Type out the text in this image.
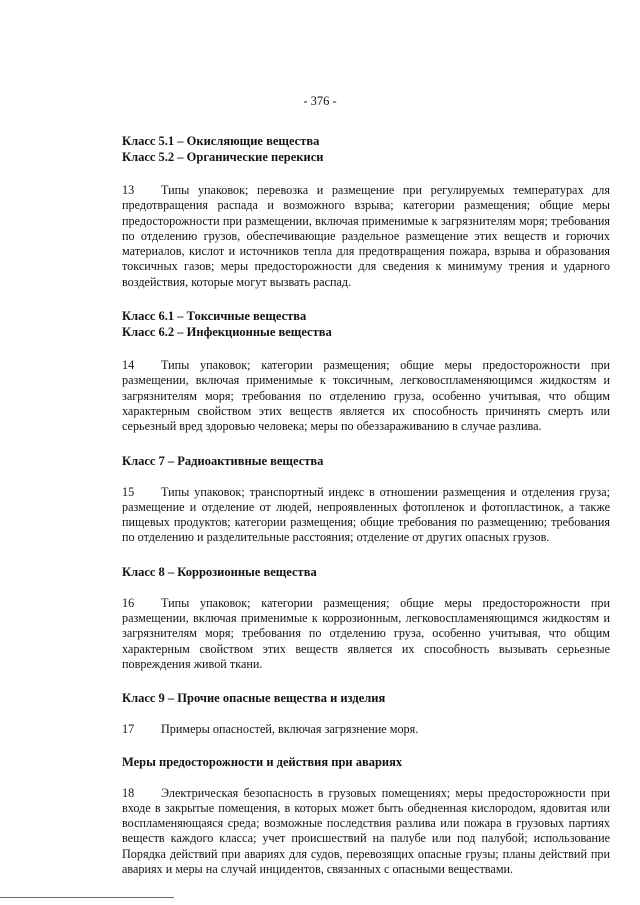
- 376 -
Класс 5.1 – Окисляющие вещества
Класс 5.2 – Органические перекиси

13 Типы упаковок; перевозка и размещение при регулируемых температурах для предотвращения распада и возможного взрыва; категории размещения; общие меры предосторожности при размещении, включая применимые к загрязнителям моря; требования по отделению грузов, обеспечивающие раздельное размещение этих веществ и горючих материалов, кислот и источников тепла для предотвращения пожара, взрыва и образования токсичных газов; меры предосторожности для сведения к минимуму трения и ударного воздействия, которые могут вызвать распад.

Класс 6.1 – Токсичные вещества
Класс 6.2 – Инфекционные вещества

14 Типы упаковок; категории размещения; общие меры предосторожности при размещении, включая применимые к токсичным, легковоспламеняющимся жидкостям и загрязнителям моря; требования по отделению груза, особенно учитывая, что общим характерным свойством этих веществ является их способность причинять смерть или серьезный вред здоровью человека; меры по обеззараживанию в случае разлива.

Класс 7 – Радиоактивные вещества

15 Типы упаковок; транспортный индекс в отношении размещения и отделения груза; размещение и отделение от людей, непроявленных фотопленок и фотопластинок, а также пищевых продуктов; категории размещения; общие требования по размещению; требования по отделению и разделительные расстояния; отделение от других опасных грузов.

Класс 8 – Коррозионные вещества

16 Типы упаковок; категории размещения; общие меры предосторожности при размещении, включая применимые к коррозионным, легковоспламеняющимся жидкостям и загрязнителям моря; требования по отделению груза, особенно учитывая, что общим характерным свойством этих веществ является их способность вызывать серьезные повреждения живой ткани.

Класс 9 – Прочие опасные вещества и изделия

17 Примеры опасностей, включая загрязнение моря.

Меры предосторожности и действия при авариях

18 Электрическая безопасность в грузовых помещениях; меры предосторожности при входе в закрытые помещения, в которых может быть обедненная кислородом, ядовитая или воспламеняющаяся среда; возможные последствия разлива или пожара в грузовых партиях веществ каждого класса; учет происшествий на палубе или под палубой; использование Порядка действий при авариях для судов, перевозящих опасные грузы; планы действий при авариях и меры на случай инцидентов, связанных с опасными веществами.
